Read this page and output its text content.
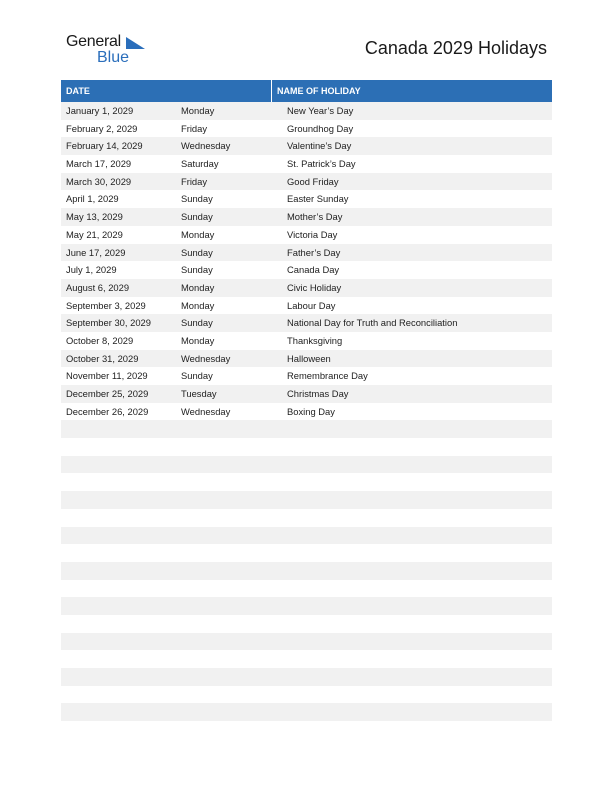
General
Blue	Canada 2029 Holidays
DATE	NAME OF HOLIDAY
January 1, 2029	Monday	New Year’s Day
February 2, 2029	Friday	Groundhog Day
February 14, 2029	Wednesday	Valentine’s Day
March 17, 2029	Saturday	St. Patrick’s Day
March 30, 2029	Friday	Good Friday
April 1, 2029	Sunday	Easter Sunday
May 13, 2029	Sunday	Mother’s Day
May 21, 2029	Monday	Victoria Day
June 17, 2029	Sunday	Father’s Day
July 1, 2029	Sunday	Canada Day
August 6, 2029	Monday	Civic Holiday
September 3, 2029	Monday	Labour Day
September 30, 2029	Sunday	National Day for Truth and Reconciliation
October 8, 2029	Monday	Thanksgiving
October 31, 2029	Wednesday	Halloween
November 11, 2029	Sunday	Remembrance Day
December 25, 2029	Tuesday	Christmas Day
December 26, 2029	Wednesday	Boxing Day
